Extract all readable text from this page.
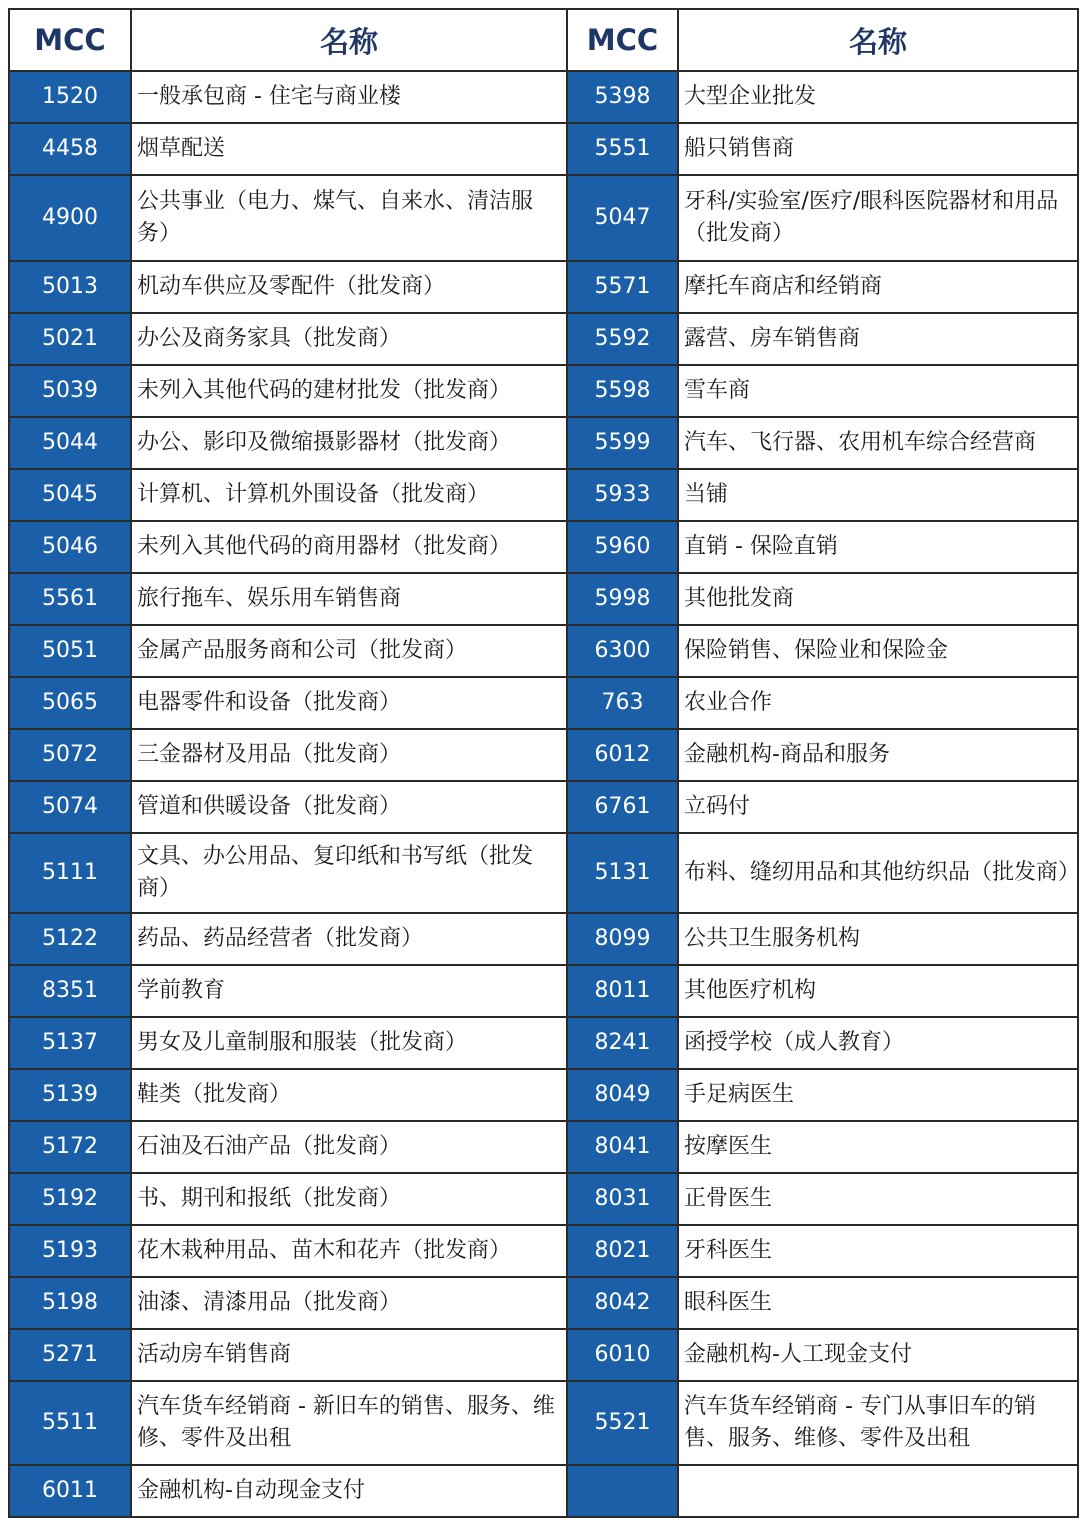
MCC	名称	MCC	名称
1520	一般承包商 - 住宅与商业楼	5398	大型企业批发
4458	烟草配送	5551	船只销售商
4900	公共事业（电力、煤气、自来水、清洁服务）	5047	牙科/实验室/医疗/眼科医院器材和用品（批发商）
5013	机动车供应及零配件（批发商）	5571	摩托车商店和经销商
5021	办公及商务家具（批发商）	5592	露营、房车销售商
5039	未列入其他代码的建材批发（批发商）	5598	雪车商
5044	办公、影印及微缩摄影器材（批发商）	5599	汽车、飞行器、农用机车综合经营商
5045	计算机、计算机外围设备（批发商）	5933	当铺
5046	未列入其他代码的商用器材（批发商）	5960	直销 - 保险直销
5561	旅行拖车、娱乐用车销售商	5998	其他批发商
5051	金属产品服务商和公司（批发商）	6300	保险销售、保险业和保险金
5065	电器零件和设备（批发商）	763	农业合作
5072	三金器材及用品（批发商）	6012	金融机构-商品和服务
5074	管道和供暖设备（批发商）	6761	立码付
5111	文具、办公用品、复印纸和书写纸（批发商）	5131	布料、缝纫用品和其他纺织品（批发商）
5122	药品、药品经营者（批发商）	8099	公共卫生服务机构
8351	学前教育	8011	其他医疗机构
5137	男女及儿童制服和服装（批发商）	8241	函授学校（成人教育）
5139	鞋类（批发商）	8049	手足病医生
5172	石油及石油产品（批发商）	8041	按摩医生
5192	书、期刊和报纸（批发商）	8031	正骨医生
5193	花木栽种用品、苗木和花卉（批发商）	8021	牙科医生
5198	油漆、清漆用品（批发商）	8042	眼科医生
5271	活动房车销售商	6010	金融机构-人工现金支付
5511	汽车货车经销商 - 新旧车的销售、服务、维修、零件及出租	5521	汽车货车经销商 - 专门从事旧车的销售、服务、维修、零件及出租
6011	金融机构-自动现金支付		
